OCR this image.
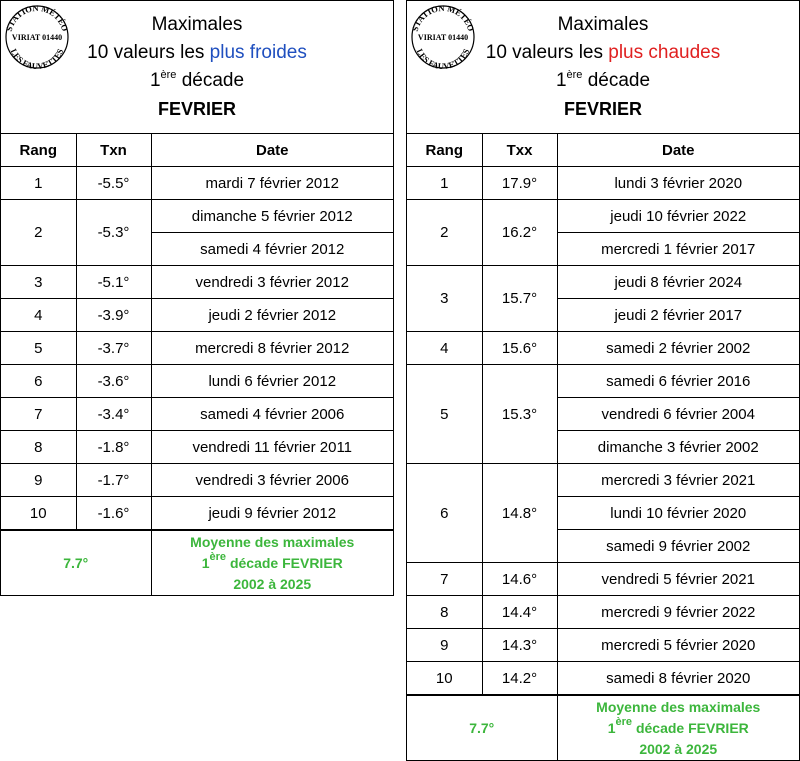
STATION MÉTÉO
VIRIAT 01440
LES FAUVETTES
Maximales
10 valeurs les plus froides
1ère décade
FEVRIER
Rang	Txn	Date
1	-5.5°	mardi 7 février 2012
2	-5.3°	dimanche 5 février 2012
		samedi 4 février 2012
3	-5.1°	vendredi 3 février 2012
4	-3.9°	jeudi 2 février 2012
5	-3.7°	mercredi 8 février 2012
6	-3.6°	lundi 6 février 2012
7	-3.4°	samedi 4 février 2006
8	-1.8°	vendredi 11 février 2011
9	-1.7°	vendredi 3 février 2006
10	-1.6°	jeudi 9 février 2012
7.7°		Moyenne des maximales
1ère décade FEVRIER
2002 à 2025
STATION MÉTÉO
VIRIAT 01440
LES FAUVETTES
Maximales
10 valeurs les plus chaudes
1ère décade
FEVRIER
Rang	Txx	Date
1	17.9°	lundi 3 février 2020
2	16.2°	jeudi 10 février 2022
		mercredi 1 février 2017
3	15.7°	jeudi 8 février 2024
		jeudi 2 février 2017
4	15.6°	samedi 2 février 2002
5	15.3°	samedi 6 février 2016
		vendredi 6 février 2004
		dimanche 3 février 2002
6	14.8°	mercredi 3 février 2021
		lundi 10 février 2020
		samedi 9 février 2002
7	14.6°	vendredi 5 février 2021
8	14.4°	mercredi 9 février 2022
9	14.3°	mercredi 5 février 2020
10	14.2°	samedi 8 février 2020
7.7°		Moyenne des maximales
1ère décade FEVRIER
2002 à 2025
